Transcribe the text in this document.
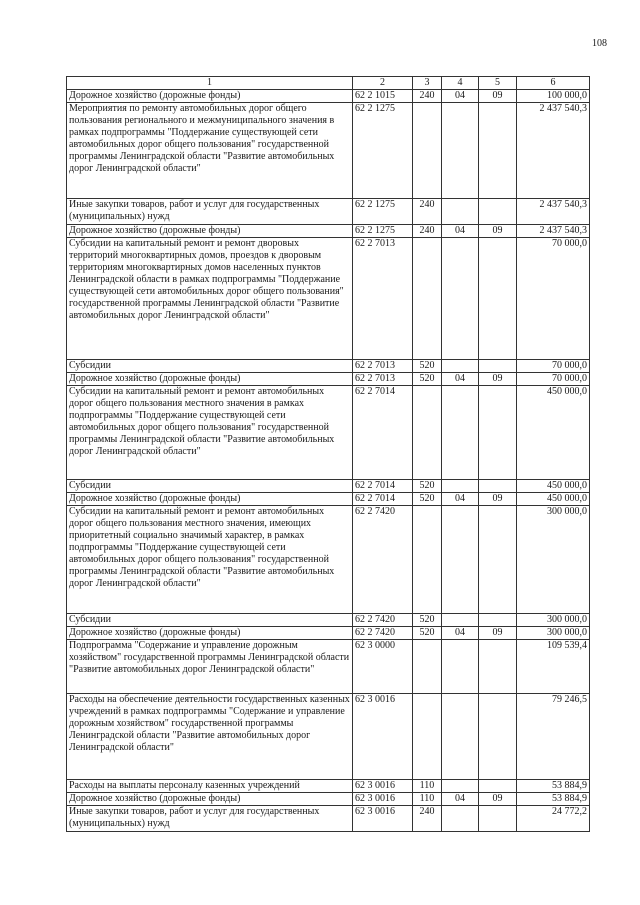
108
1	2	3	4	5	6
Дорожное хозяйство (дорожные фонды)	62 2 1015	240	04	09	100 000,0
Мероприятия по ремонту автомобильных дорог общего пользования регионального и межмуниципального значения в рамках подпрограммы "Поддержание существующей сети автомобильных дорог общего пользования" государственной программы Ленинградской области "Развитие автомобильных дорог Ленинградской области"	62 2 1275				2 437 540,3
Иные закупки товаров, работ и услуг для государственных (муниципальных) нужд	62 2 1275	240			2 437 540,3
Дорожное хозяйство (дорожные фонды)	62 2 1275	240	04	09	2 437 540,3
Субсидии на капитальный ремонт и ремонт дворовых территорий многоквартирных домов, проездов к дворовым территориям многоквартирных домов населенных пунктов Ленинградской области в рамках подпрограммы "Поддержание существующей сети автомобильных дорог общего пользования" государственной программы Ленинградской области "Развитие автомобильных дорог Ленинградской области"	62 2 7013				70 000,0
Субсидии	62 2 7013	520			70 000,0
Дорожное хозяйство (дорожные фонды)	62 2 7013	520	04	09	70 000,0
Субсидии на капитальный ремонт и ремонт автомобильных дорог общего пользования местного значения в рамках подпрограммы "Поддержание существующей сети автомобильных дорог общего пользования" государственной программы Ленинградской области "Развитие автомобильных дорог Ленинградской области"	62 2 7014				450 000,0
Субсидии	62 2 7014	520			450 000,0
Дорожное хозяйство (дорожные фонды)	62 2 7014	520	04	09	450 000,0
Субсидии на капитальный ремонт и ремонт автомобильных дорог общего пользования местного значения, имеющих приоритетный социально значимый характер, в рамках подпрограммы "Поддержание существующей сети автомобильных дорог общего пользования" государственной программы Ленинградской области "Развитие автомобильных дорог Ленинградской области"	62 2 7420				300 000,0
Субсидии	62 2 7420	520			300 000,0
Дорожное хозяйство (дорожные фонды)	62 2 7420	520	04	09	300 000,0
Подпрограмма "Содержание и управление дорожным хозяйством" государственной программы Ленинградской области "Развитие автомобильных дорог Ленинградской области"	62 3 0000				109 539,4
Расходы на обеспечение деятельности государственных казенных учреждений в рамках подпрограммы "Содержание и управление дорожным хозяйством" государственной программы Ленинградской области "Развитие автомобильных дорог Ленинградской области"	62 3 0016				79 246,5
Расходы на выплаты персоналу казенных учреждений	62 3 0016	110			53 884,9
Дорожное хозяйство (дорожные фонды)	62 3 0016	110	04	09	53 884,9
Иные закупки товаров, работ и услуг для государственных (муниципальных) нужд	62 3 0016	240			24 772,2
